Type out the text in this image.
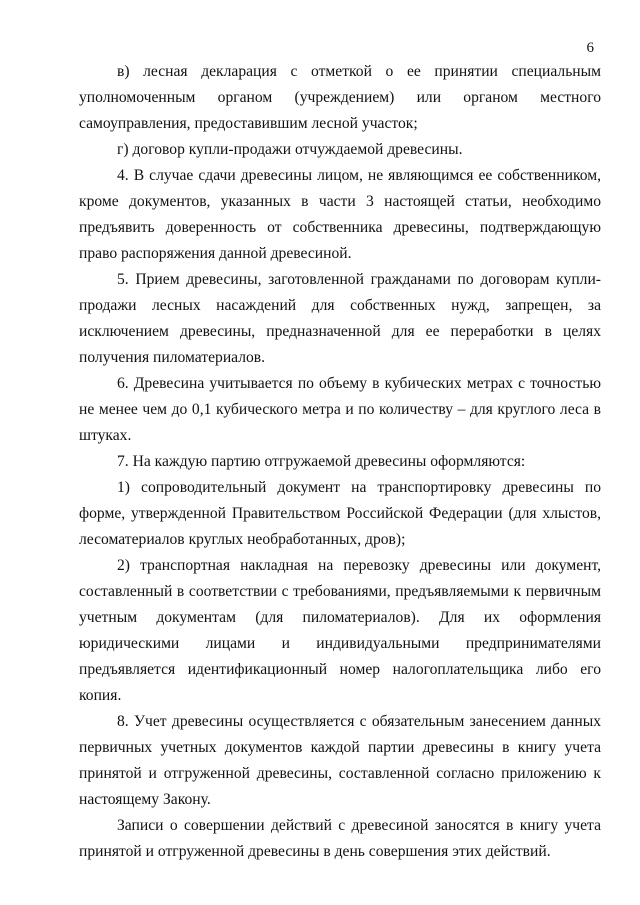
6

в) лесная декларация с отметкой о ее принятии специальным уполномоченным органом (учреждением) или органом местного самоуправления, предоставившим лесной участок;

г) договор купли-продажи отчуждаемой древесины.

4. В случае сдачи древесины лицом, не являющимся ее собственником, кроме документов, указанных в части 3 настоящей статьи, необходимо предъявить доверенность от собственника древесины, подтверждающую право распоряжения данной древесиной.

5. Прием древесины, заготовленной гражданами по договорам купли-продажи лесных насаждений для собственных нужд, запрещен, за исключением древесины, предназначенной для ее переработки в целях получения пиломатериалов.

6. Древесина учитывается по объему в кубических метрах с точностью не менее чем до 0,1 кубического метра и по количеству – для круглого леса в штуках.

7. На каждую партию отгружаемой древесины оформляются:

1) сопроводительный документ на транспортировку древесины по форме, утвержденной Правительством Российской Федерации (для хлыстов, лесоматериалов круглых необработанных, дров);

2) транспортная накладная на перевозку древесины или документ, составленный в соответствии с требованиями, предъявляемыми к первичным учетным документам (для пиломатериалов). Для их оформления юридическими лицами и индивидуальными предпринимателями предъявляется идентификационный номер налогоплательщика либо его копия.

8. Учет древесины осуществляется с обязательным занесением данных первичных учетных документов каждой партии древесины в книгу учета принятой и отгруженной древесины, составленной согласно приложению к настоящему Закону.

Записи о совершении действий с древесиной заносятся в книгу учета принятой и отгруженной древесины в день совершения этих действий.
